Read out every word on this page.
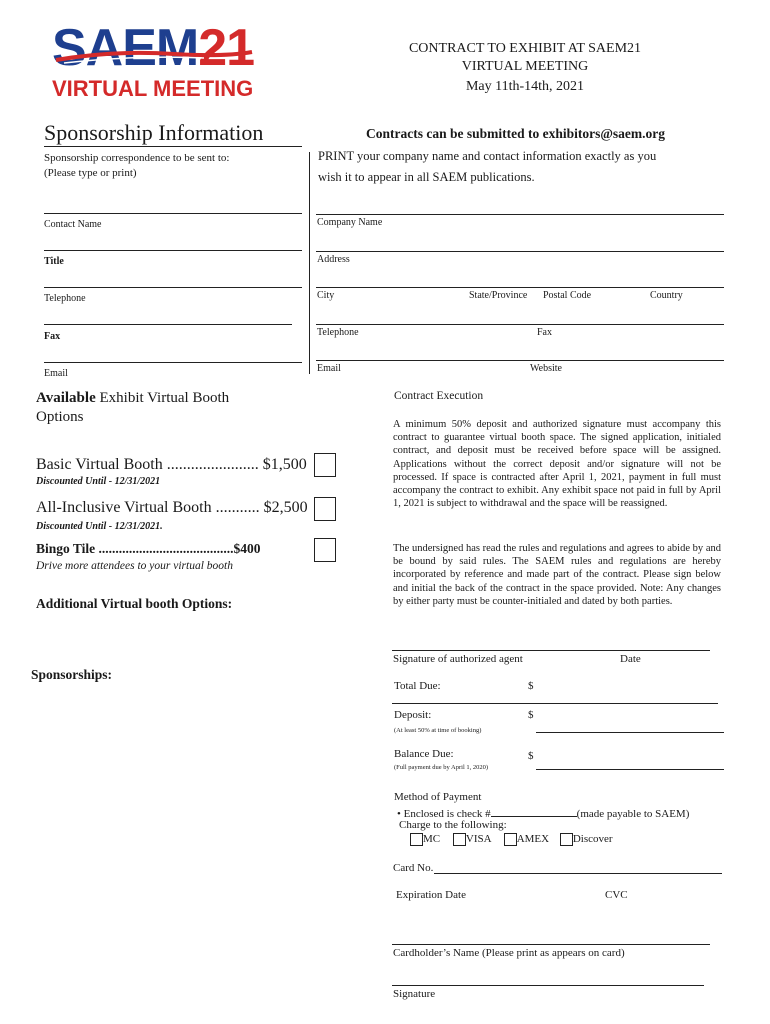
SAEM21
VIRTUAL MEETING
CONTRACT TO EXHIBIT AT SAEM21
VIRTUAL MEETING
May 11th-14th, 2021
Sponsorship Information
Sponsorship correspondence to be sent to:
(Please type or print)
Contact Name
Title
Telephone
Fax
Email
Contracts can be submitted to exhibitors@saem.org
PRINT your company name and contact information exactly as you
wish it to appear in all SAEM publications.
Company Name
Address
City	State/Province Postal Code	Country
Telephone	Fax
Email	Website
Available Exhibit Virtual Booth
Options
Basic Virtual Booth ....................... $1,500
Discounted Until - 12/31/2021
All-Inclusive Virtual Booth ........... $2,500
Discounted Until - 12/31/2021.
Bingo Tile ........................................$400
Drive more attendees to your virtual booth
Additional Virtual booth Options:
Sponsorships:
Contract Execution
A minimum 50% deposit and authorized signature must accompany this contract to guarantee virtual booth space. The signed application, initialed contract, and deposit must be received before space will be assigned. Applications without the correct deposit and/or signature will not be processed. If space is contracted after April 1, 2021, payment in full must accompany the contract to exhibit. Any exhibit space not paid in full by April 1, 2021 is subject to withdrawal and the space will be reassigned.
The undersigned has read the rules and regulations and agrees to abide by and be bound by said rules. The SAEM rules and regulations are hereby incorporated by reference and made part of the contract. Please sign below and initial the back of the contract in the space provided. Note: Any changes by either party must be counter-initialed and dated by both parties.
Signature of authorized agent	Date
Total Due:	$
Deposit:	$
(At least 50% at time of booking)
Balance Due:	$
(Full payment due by April 1, 2020)
Method of Payment
• Enclosed is check #	(made payable to SAEM)
Charge to the following:
MC VISA AMEX Discover
Card No.
Expiration Date	CVC
Cardholder’s Name (Please print as appears on card)
Signature
